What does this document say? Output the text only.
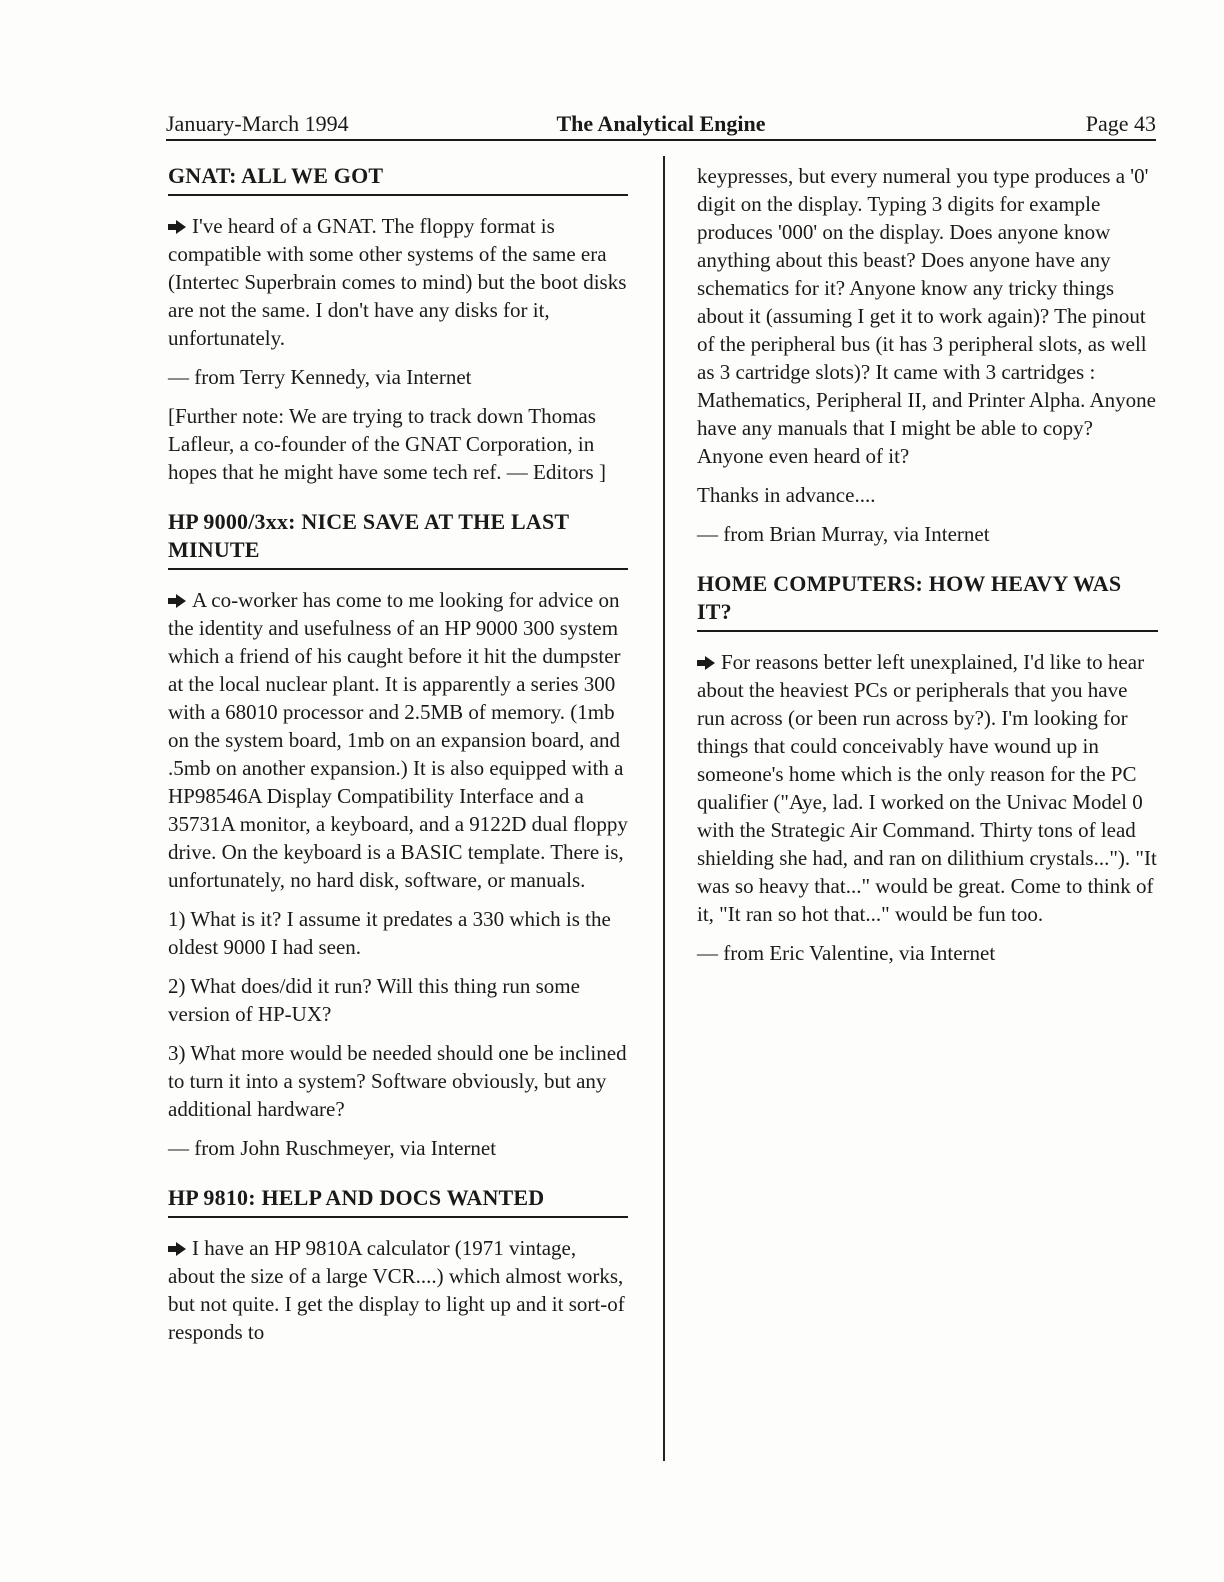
January-March 1994	The Analytical Engine	Page 43
GNAT: ALL WE GOT

I've heard of a GNAT. The floppy format is compatible with some other systems of the same era (Intertec Superbrain comes to mind) but the boot disks are not the same. I don't have any disks for it, unfortunately.

— from Terry Kennedy, via Internet

[Further note: We are trying to track down Thomas Lafleur, a co-founder of the GNAT Corporation, in hopes that he might have some tech ref. — Editors ]

HP 9000/3xx: NICE SAVE AT THE LAST MINUTE

A co-worker has come to me looking for advice on the identity and usefulness of an HP 9000 300 system which a friend of his caught before it hit the dumpster at the local nuclear plant. It is apparently a series 300 with a 68010 processor and 2.5MB of memory. (1mb on the system board, 1mb on an expansion board, and .5mb on another expansion.) It is also equipped with a HP98546A Display Compatibility Interface and a 35731A monitor, a keyboard, and a 9122D dual floppy drive. On the keyboard is a BASIC template. There is, unfortunately, no hard disk, software, or manuals.

1) What is it? I assume it predates a 330 which is the oldest 9000 I had seen.

2) What does/did it run? Will this thing run some version of HP-UX?

3) What more would be needed should one be inclined to turn it into a system? Software obviously, but any additional hardware?

— from John Ruschmeyer, via Internet

HP 9810: HELP AND DOCS WANTED

I have an HP 9810A calculator (1971 vintage, about the size of a large VCR....) which almost works, but not quite. I get the display to light up and it sort-of responds to

keypresses, but every numeral you type produces a '0' digit on the display. Typing 3 digits for example produces '000' on the display. Does anyone know anything about this beast? Does anyone have any schematics for it? Anyone know any tricky things about it (assuming I get it to work again)? The pinout of the peripheral bus (it has 3 peripheral slots, as well as 3 cartridge slots)? It came with 3 cartridges : Mathematics, Peripheral II, and Printer Alpha. Anyone have any manuals that I might be able to copy? Anyone even heard of it?

Thanks in advance....

— from Brian Murray, via Internet

HOME COMPUTERS: HOW HEAVY WAS IT?

For reasons better left unexplained, I'd like to hear about the heaviest PCs or peripherals that you have run across (or been run across by?). I'm looking for things that could conceivably have wound up in someone's home which is the only reason for the PC qualifier ("Aye, lad. I worked on the Univac Model 0 with the Strategic Air Command. Thirty tons of lead shielding she had, and ran on dilithium crystals..."). "It was so heavy that..." would be great. Come to think of it, "It ran so hot that..." would be fun too.

— from Eric Valentine, via Internet
